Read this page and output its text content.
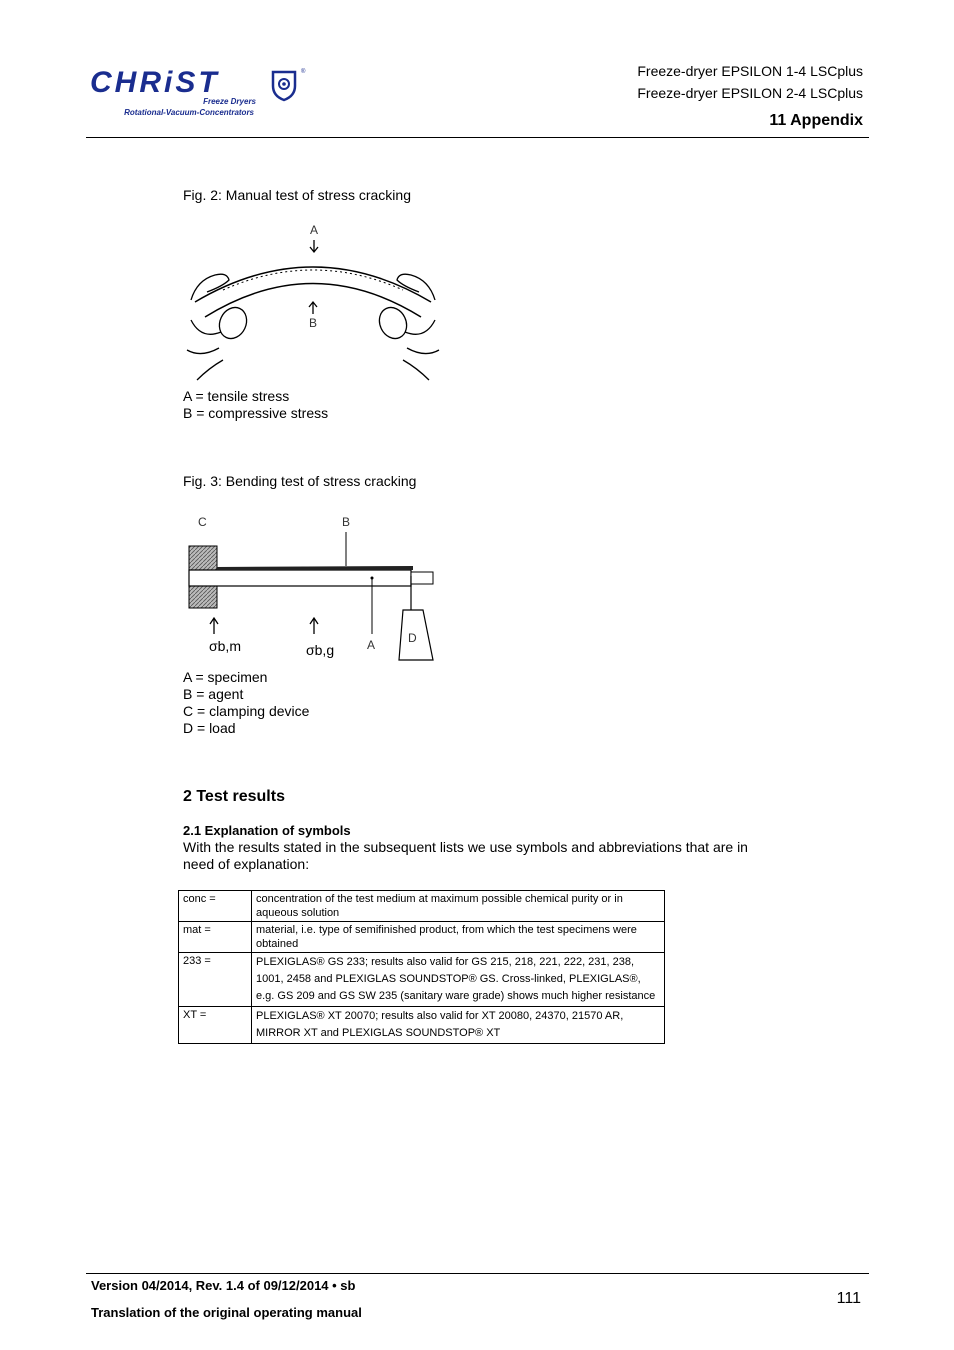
CHRiST	®
Freeze Dryers
Rotational-Vacuum-Concentrators
Freeze-dryer EPSILON 1-4 LSCplus
Freeze-dryer EPSILON 2-4 LSCplus
11 Appendix
Fig. 2: Manual test of stress cracking
A
B
A = tensile stress
B = compressive stress
Fig. 3: Bending test of stress cracking
C	B
A	D
σb,m	σb,g
A = specimen
B = agent
C = clamping device
D = load
2 Test results
2.1 Explanation of symbols
With the results stated in the subsequent lists we use symbols and abbreviations that are in
need of explanation:
conc =	concentration of the test medium at maximum possible chemical purity or in aqueous solution
mat =	material, i.e. type of semifinished product, from which the test specimens were obtained
233 =	PLEXIGLAS® GS 233; results also valid for GS 215, 218, 221, 222, 231, 238, 1001, 2458 and PLEXIGLAS SOUNDSTOP® GS. Cross-linked, PLEXIGLAS®, e.g. GS 209 and GS SW 235 (sanitary ware grade) shows much higher resistance
XT =	PLEXIGLAS® XT 20070; results also valid for XT 20080, 24370, 21570 AR, MIRROR XT and PLEXIGLAS SOUNDSTOP® XT
Version 04/2014, Rev. 1.4 of 09/12/2014 • sb
Translation of the original operating manual
111
